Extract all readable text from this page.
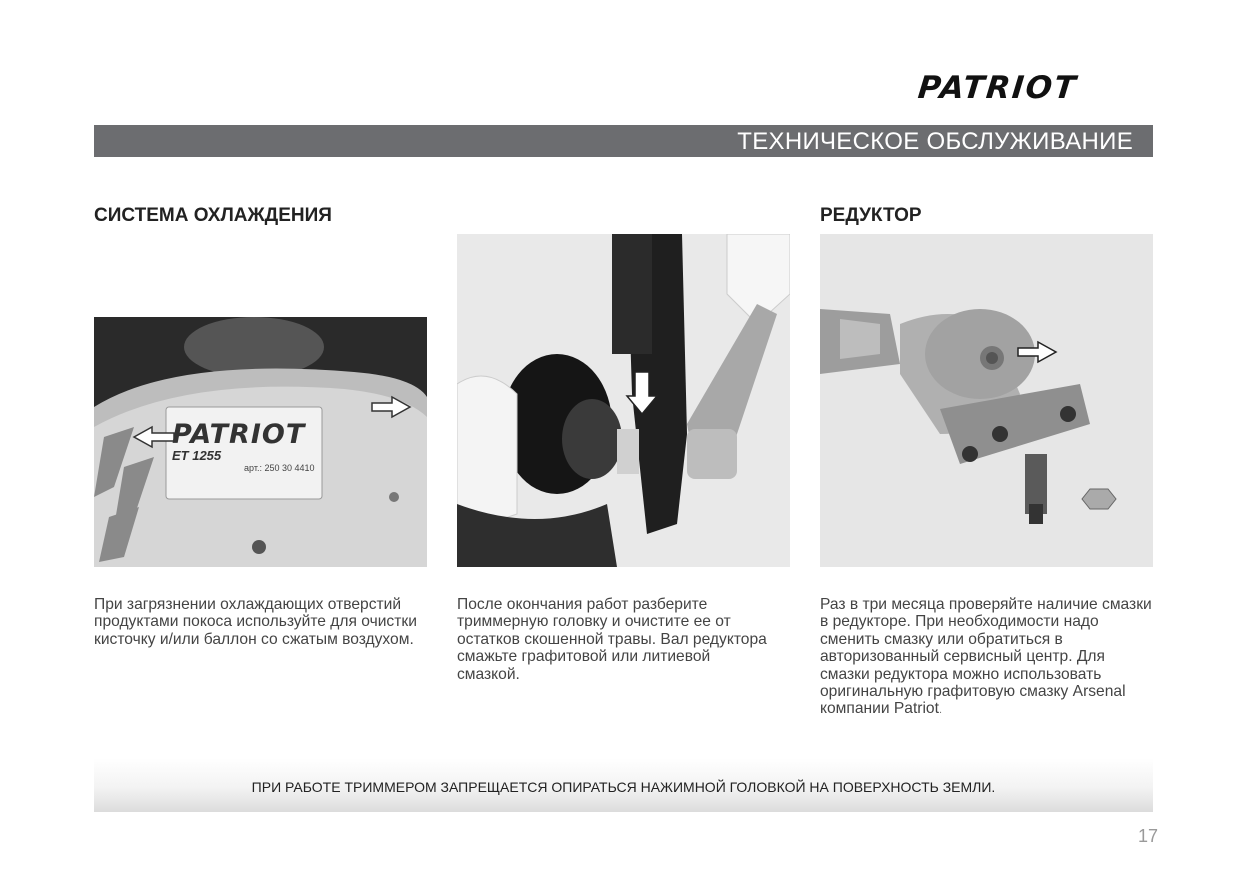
PATRIOT
ТЕХНИЧЕСКОЕ ОБСЛУЖИВАНИЕ
СИСТЕМА ОХЛАЖДЕНИЯ	РЕДУКТОР
PATRIOT
ET 1255
арт.: 250 30 4410
При загрязнении охлаждающих отверстий продуктами покоса используйте для очистки кисточку и/или баллон со сжатым воздухом.
После окончания работ разберите триммерную головку и очистите ее от остатков скошенной травы. Вал редуктора смажьте графитовой или литиевой смазкой.
Раз в три месяца проверяйте наличие смазки в редукторе. При необходимости надо сменить смазку или обратиться в авторизованный сервисный центр. Для смазки редуктора можно использовать оригинальную графитовую смазку Arsenal компании Patriot.
ПРИ РАБОТЕ ТРИММЕРОМ ЗАПРЕЩАЕТСЯ ОПИРАТЬСЯ НАЖИМНОЙ ГОЛОВКОЙ НА ПОВЕРХНОСТЬ ЗЕМЛИ.
17
